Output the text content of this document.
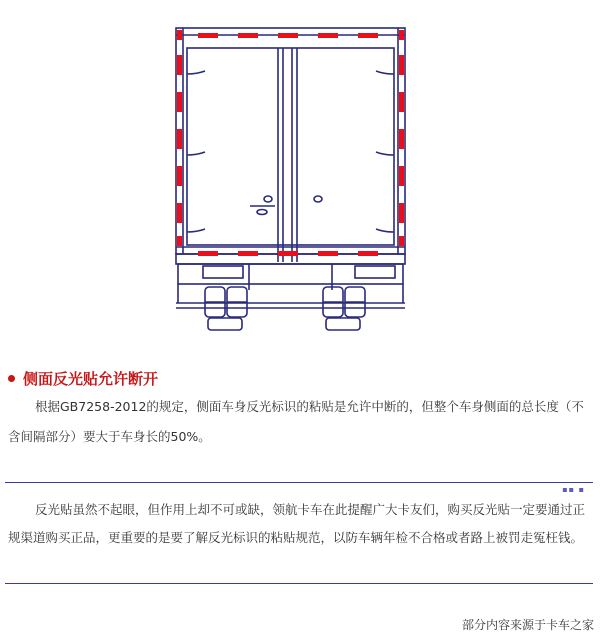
侧面反光贴允许断开
根据GB7258-2012的规定，侧面车身反光标识的粘贴是允许中断的，但整个车身侧面的总长度（不含间隔部分）要大于车身长的50%。
▪▪ ▪
反光贴虽然不起眼，但作用上却不可或缺，领航卡车在此提醒广大卡友们，购买反光贴一定要通过正规渠道购买正品，更重要的是要了解反光标识的粘贴规范，以防车辆年检不合格或者路上被罚走冤枉钱。
部分内容来源于卡车之家
